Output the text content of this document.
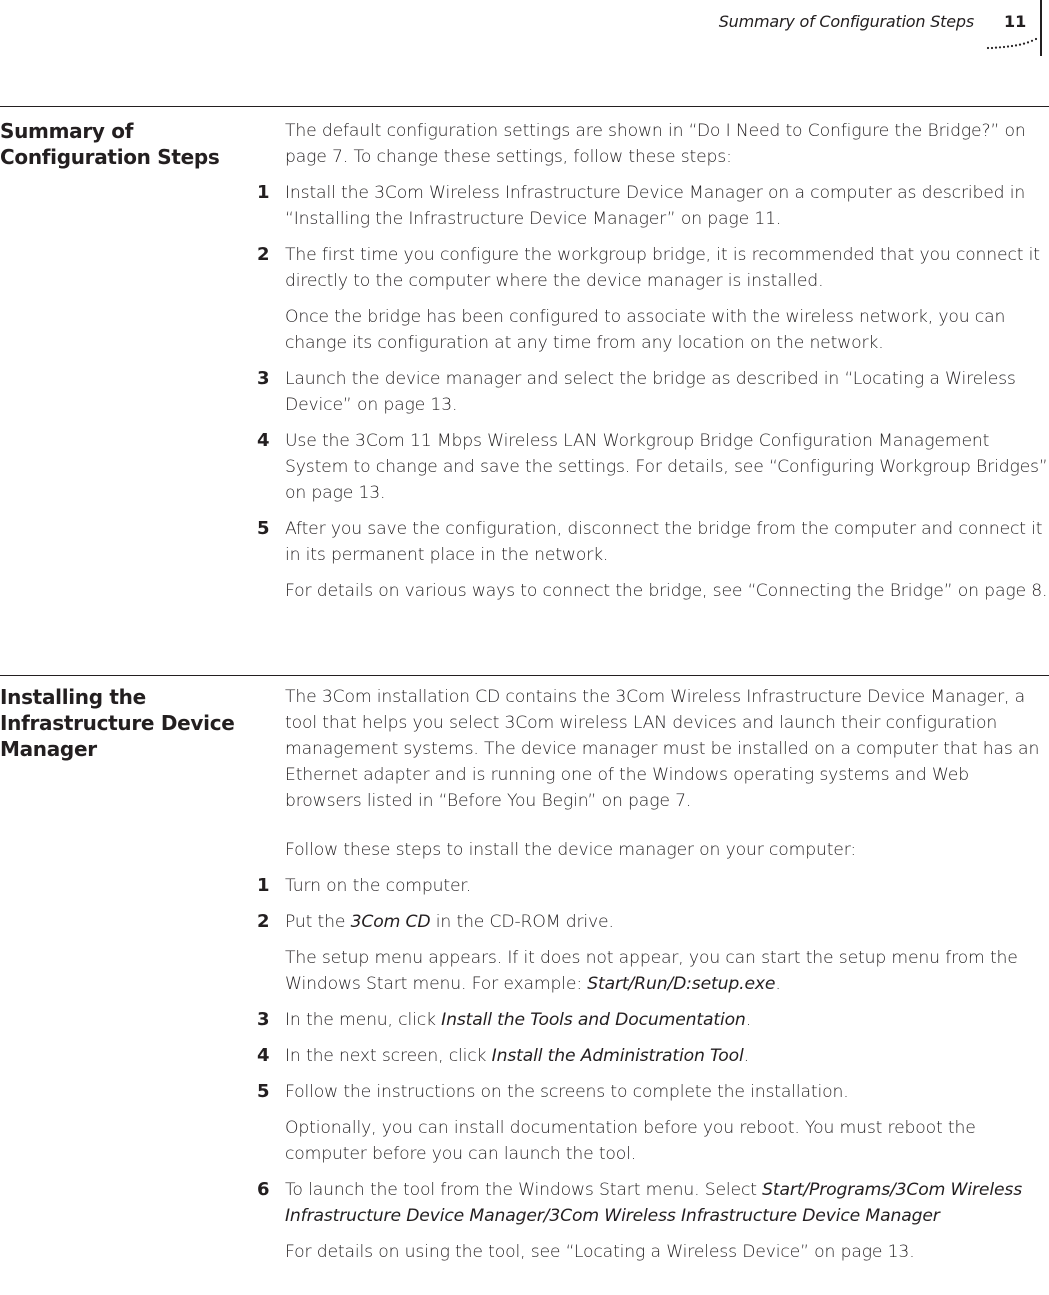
Summary of Configuration Steps 11
Summary of
Configuration Steps

The default configuration settings are shown in “Do I Need to Configure the Bridge?” on page 7. To change these settings, follow these steps:

1 Install the 3Com Wireless Infrastructure Device Manager on a computer as described in “Installing the Infrastructure Device Manager” on page 11.

2 The first time you configure the workgroup bridge, it is recommended that you connect it directly to the computer where the device manager is installed.

Once the bridge has been configured to associate with the wireless network, you can change its configuration at any time from any location on the network.

3 Launch the device manager and select the bridge as described in “Locating a Wireless Device” on page 13.

4 Use the 3Com 11 Mbps Wireless LAN Workgroup Bridge Configuration Management System to change and save the settings. For details, see “Configuring Workgroup Bridges” on page 13.

5 After you save the configuration, disconnect the bridge from the computer and connect it in its permanent place in the network.

For details on various ways to connect the bridge, see “Connecting the Bridge” on page 8.

Installing the
Infrastructure Device
Manager

The 3Com installation CD contains the 3Com Wireless Infrastructure Device Manager, a tool that helps you select 3Com wireless LAN devices and launch their configuration management systems. The device manager must be installed on a computer that has an Ethernet adapter and is running one of the Windows operating systems and Web browsers listed in “Before You Begin” on page 7.

Follow these steps to install the device manager on your computer:

1 Turn on the computer.

2 Put the 3Com CD in the CD-ROM drive.

The setup menu appears. If it does not appear, you can start the setup menu from the Windows Start menu. For example: Start/Run/D:setup.exe.

3 In the menu, click Install the Tools and Documentation.

4 In the next screen, click Install the Administration Tool.

5 Follow the instructions on the screens to complete the installation.

Optionally, you can install documentation before you reboot. You must reboot the computer before you can launch the tool.

6 To launch the tool from the Windows Start menu. Select Start/Programs/3Com Wireless Infrastructure Device Manager/3Com Wireless Infrastructure Device Manager

For details on using the tool, see “Locating a Wireless Device” on page 13.
